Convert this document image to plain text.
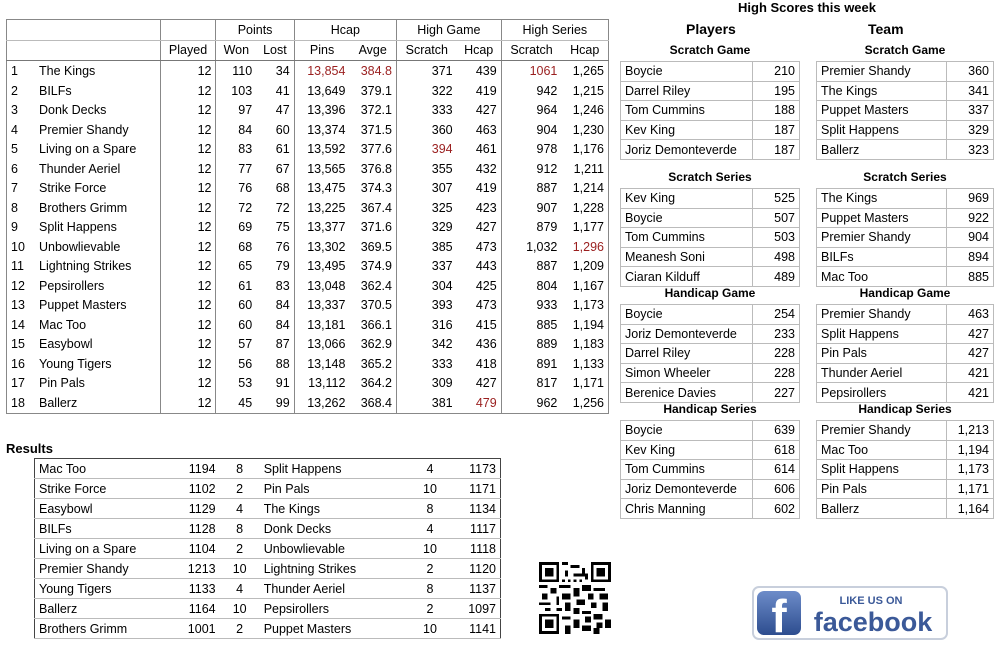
			Points		Hcap		High Game		High Series	
		Played	Won	Lost	Pins	Avge	Scratch	Hcap	Scratch	Hcap
1	The Kings	12	110	34	13,854	384.8	371	439	1061	1,265
2	BILFs	12	103	41	13,649	379.1	322	419	942	1,215
3	Donk Decks	12	97	47	13,396	372.1	333	427	964	1,246
4	Premier Shandy	12	84	60	13,374	371.5	360	463	904	1,230
5	Living on a Spare	12	83	61	13,592	377.6	394	461	978	1,176
6	Thunder Aeriel	12	77	67	13,565	376.8	355	432	912	1,211
7	Strike Force	12	76	68	13,475	374.3	307	419	887	1,214
8	Brothers Grimm	12	72	72	13,225	367.4	325	423	907	1,228
9	Split Happens	12	69	75	13,377	371.6	329	427	879	1,177
10	Unbowlievable	12	68	76	13,302	369.5	385	473	1,032	1,296
11	Lightning Strikes	12	65	79	13,495	374.9	337	443	887	1,209
12	Pepsirollers	12	61	83	13,048	362.4	304	425	804	1,167
13	Puppet Masters	12	60	84	13,337	370.5	393	473	933	1,173
14	Mac Too	12	60	84	13,181	366.1	316	415	885	1,194
15	Easybowl	12	57	87	13,066	362.9	342	436	889	1,183
16	Young Tigers	12	56	88	13,148	365.2	333	418	891	1,133
17	Pin Pals	12	53	91	13,112	364.2	309	427	817	1,171
18	Ballerz	12	45	99	13,262	368.4	381	479	962	1,256
High Scores this week
Players	Team
Scratch Game
Boycie	210
Darrel Riley	195
Tom Cummins	188
Kev King	187
Joriz Demonteverde	187
Scratch Series
Kev King	525
Boycie	507
Tom Cummins	503
Meanesh Soni	498
Ciaran Kilduff	489
Handicap Game
Boycie	254
Joriz Demonteverde	233
Darrel Riley	228
Simon Wheeler	228
Berenice Davies	227
Handicap Series
Boycie	639
Kev King	618
Tom Cummins	614
Joriz Demonteverde	606
Chris Manning	602
Scratch Game
Premier Shandy	360
The Kings	341
Puppet Masters	337
Split Happens	329
Ballerz	323
Scratch Series
The Kings	969
Puppet Masters	922
Premier Shandy	904
BILFs	894
Mac Too	885
Handicap Game
Premier Shandy	463
Split Happens	427
Pin Pals	427
Thunder Aeriel	421
Pepsirollers	421
Handicap Series
Premier Shandy	1,213
Mac Too	1,194
Split Happens	1,173
Pin Pals	1,171
Ballerz	1,164
Results
Mac Too	1194	8	Split Happens	4	1173
Strike Force	1102	2	Pin Pals	10	1171
Easybowl	1129	4	The Kings	8	1134
BILFs	1128	8	Donk Decks	4	1117
Living on a Spare	1104	2	Unbowlievable	10	1118
Premier Shandy	1213	10	Lightning Strikes	2	1120
Young Tigers	1133	4	Thunder Aeriel	8	1137
Ballerz	1164	10	Pepsirollers	2	1097
Brothers Grimm	1001	2	Puppet Masters	10	1141	f	LIKE US ON
facebook
